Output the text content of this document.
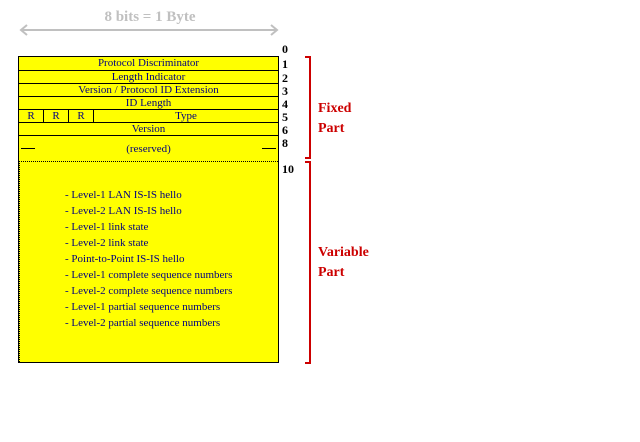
8 bits = 1 Byte
Protocol Discriminator
Length Indicator
Version / Protocol ID Extension
ID Length
R	R	R	Type
Version
(reserved)
- Level-1 LAN IS-IS hello
- Level-2 LAN IS-IS hello
- Level-1 link state
- Level-2 link state
- Point-to-Point IS-IS hello
- Level-1 complete sequence numbers
- Level-2 complete sequence numbers
- Level-1 partial sequence numbers
- Level-2 partial sequence numbers
0
1
2
3
4
5
6
8
10
Fixed
Part
Variable
Part
